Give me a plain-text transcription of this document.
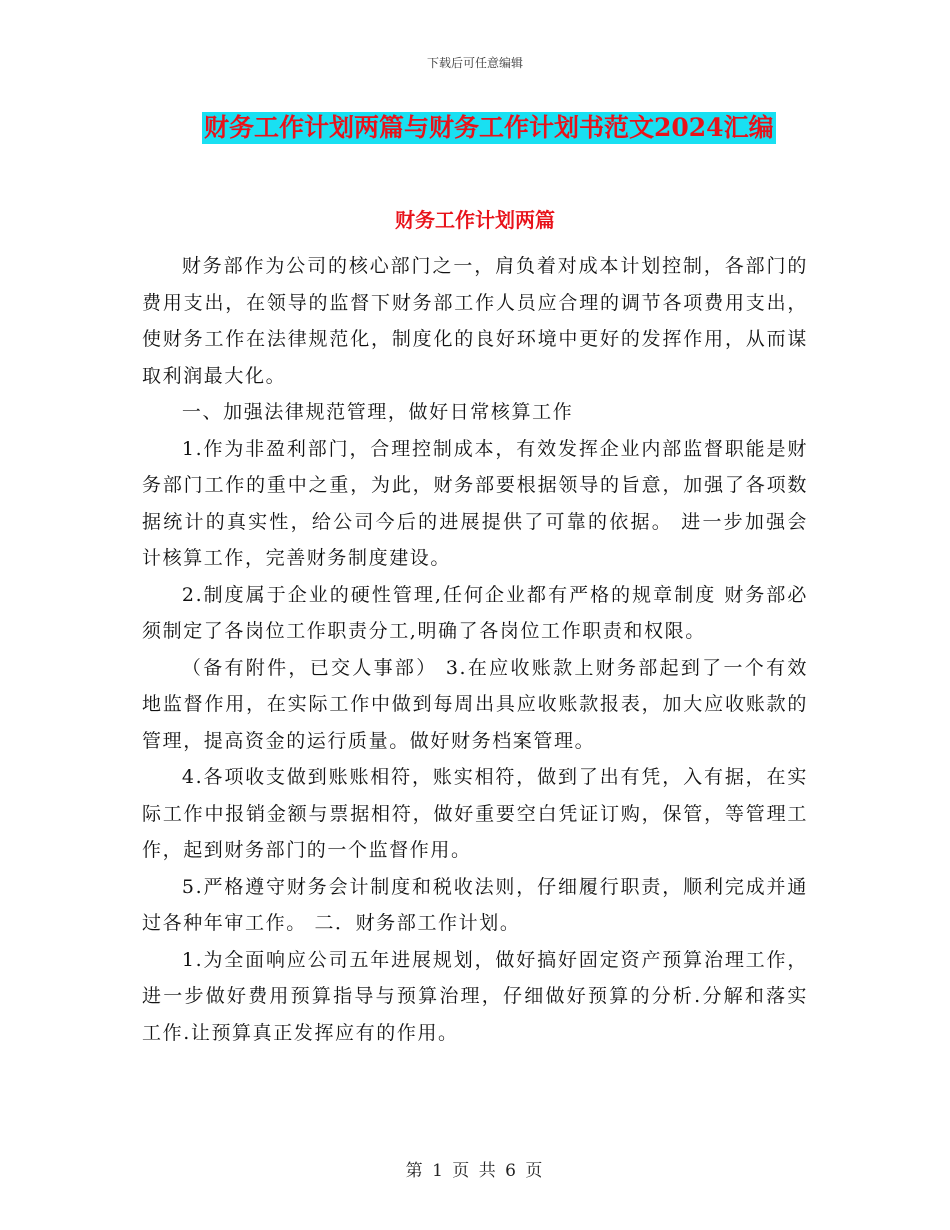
下载后可任意编辑
财务工作计划两篇与财务工作计划书范文2024汇编
财务工作计划两篇

财务部作为公司的核心部门之一，肩负着对成本计划控制，各部门的费用支出，在领导的监督下财务部工作人员应合理的调节各项费用支出，使财务工作在法律规范化，制度化的良好环境中更好的发挥作用，从而谋取利润最大化。

一、加强法律规范管理，做好日常核算工作

1.作为非盈利部门，合理控制成本，有效发挥企业内部监督职能是财务部门工作的重中之重，为此，财务部要根据领导的旨意，加强了各项数据统计的真实性，给公司今后的进展提供了可靠的依据。 进一步加强会计核算工作，完善财务制度建设。

2.制度属于企业的硬性管理,任何企业都有严格的规章制度 财务部必须制定了各岗位工作职责分工,明确了各岗位工作职责和权限。

（备有附件，已交人事部） 3.在应收账款上财务部起到了一个有效地监督作用，在实际工作中做到每周出具应收账款报表，加大应收账款的管理，提高资金的运行质量。做好财务档案管理。

4.各项收支做到账账相符，账实相符，做到了出有凭，入有据，在实际工作中报销金额与票据相符，做好重要空白凭证订购，保管，等管理工作，起到财务部门的一个监督作用。

5.严格遵守财务会计制度和税收法则，仔细履行职责，顺利完成并通过各种年审工作。 二．财务部工作计划。

1.为全面响应公司五年进展规划，做好搞好固定资产预算治理工作，进一步做好费用预算指导与预算治理，仔细做好预算的分析.分解和落实工作.让预算真正发挥应有的作用。

第 1 页 共 6 页
